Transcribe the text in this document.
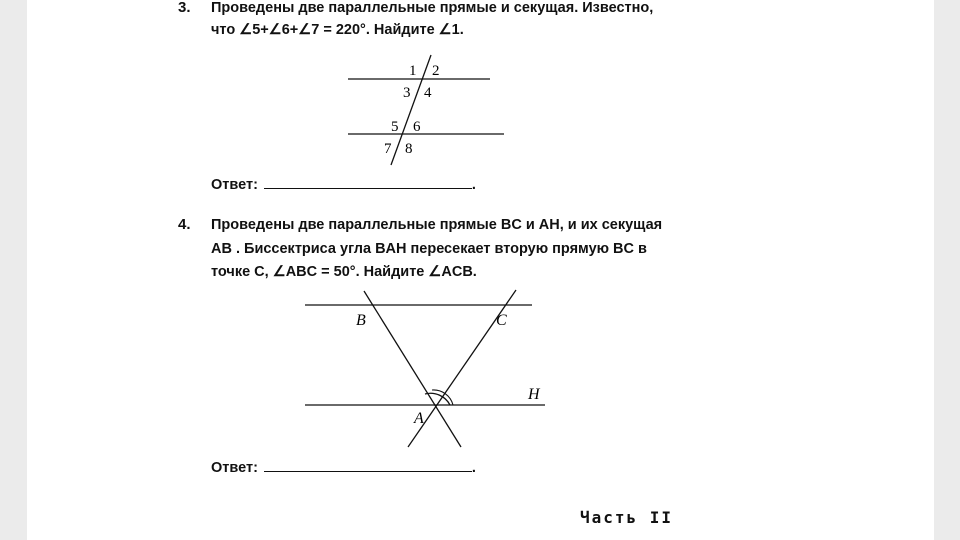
3. Проведены две параллельные прямые и секущая. Известно,
что ∠5+∠6+∠7 = 220°. Найдите ∠1.
1 2
3 4
5 6
7 8
B	C
H
A
Ответ:	.
4. Проведены две параллельные прямые BC и AH, и их секущая
AB . Биссектриса угла BAH пересекает вторую прямую BC в
точке C, ∠ABC = 50°. Найдите ∠ACB.
Ответ:	.
Часть II
